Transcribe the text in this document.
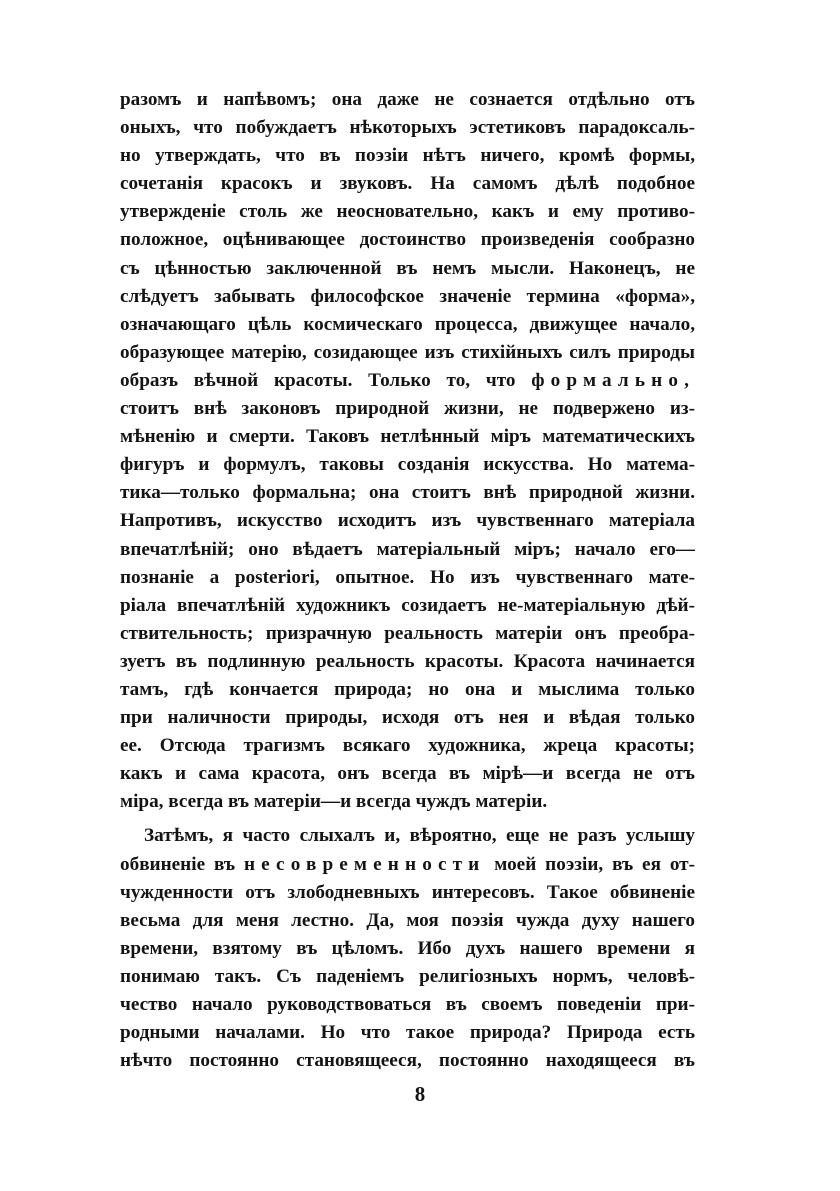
разомъ и напѣвомъ; она даже не сознается отдѣльно отъ
оныхъ, что побуждаетъ нѣкоторыхъ эстетиковъ парадоксаль-
но утверждать, что въ поэзіи нѣтъ ничего, кромѣ формы,
сочетанія красокъ и звуковъ. На самомъ дѣлѣ подобное
утвержденіе столь же неосновательно, какъ и ему противо-
положное, оцѣнивающее достоинство произведенія сообразно
съ цѣнностью заключенной въ немъ мысли. Наконецъ, не
слѣдуетъ забывать философское значеніе термина «форма»,
означающаго цѣль космическаго процесса, движущее начало,
образующее матерію, созидающее изъ стихійныхъ силъ природы
образъ вѣчной красоты. Только то, что формально,
стоитъ внѣ законовъ природной жизни, не подвержено из-
мѣненію и смерти. Таковъ нетлѣнный міръ математическихъ
фигуръ и формулъ, таковы созданія искусства. Но матема-
тика—только формальна; она стоитъ внѣ природной жизни.
Напротивъ, искусство исходитъ изъ чувственнаго матеріала
впечатлѣній; оно вѣдаетъ матеріальный міръ; начало его—
познаніе a posteriori, опытное. Но изъ чувственнаго мате-
ріала впечатлѣній художникъ созидаетъ не-матеріальную дѣй-
ствительность; призрачную реальность матеріи онъ преобра-
зуетъ въ подлинную реальность красоты. Красота начинается
тамъ, гдѣ кончается природа; но она и мыслима только
при наличности природы, исходя отъ нея и вѣдая только
ее. Отсюда трагизмъ всякаго художника, жреца красоты;
какъ и сама красота, онъ всегда въ мірѣ—и всегда не отъ
міра, всегда въ матеріи—и всегда чуждъ матеріи.
Затѣмъ, я часто слыхалъ и, вѣроятно, еще не разъ услышу
обвиненіе въ несовременности моей поэзіи, въ ея от-
чужденности отъ злободневныхъ интересовъ. Такое обвиненіе
весьма для меня лестно. Да, моя поэзія чужда духу нашего
времени, взятому въ цѣломъ. Ибо духъ нашего времени я
понимаю такъ. Съ паденіемъ религіозныхъ нормъ, человѣ-
чество начало руководствоваться въ своемъ поведеніи при-
родными началами. Но что такое природа? Природа есть
нѣчто постоянно становящееся, постоянно находящееся въ
8
